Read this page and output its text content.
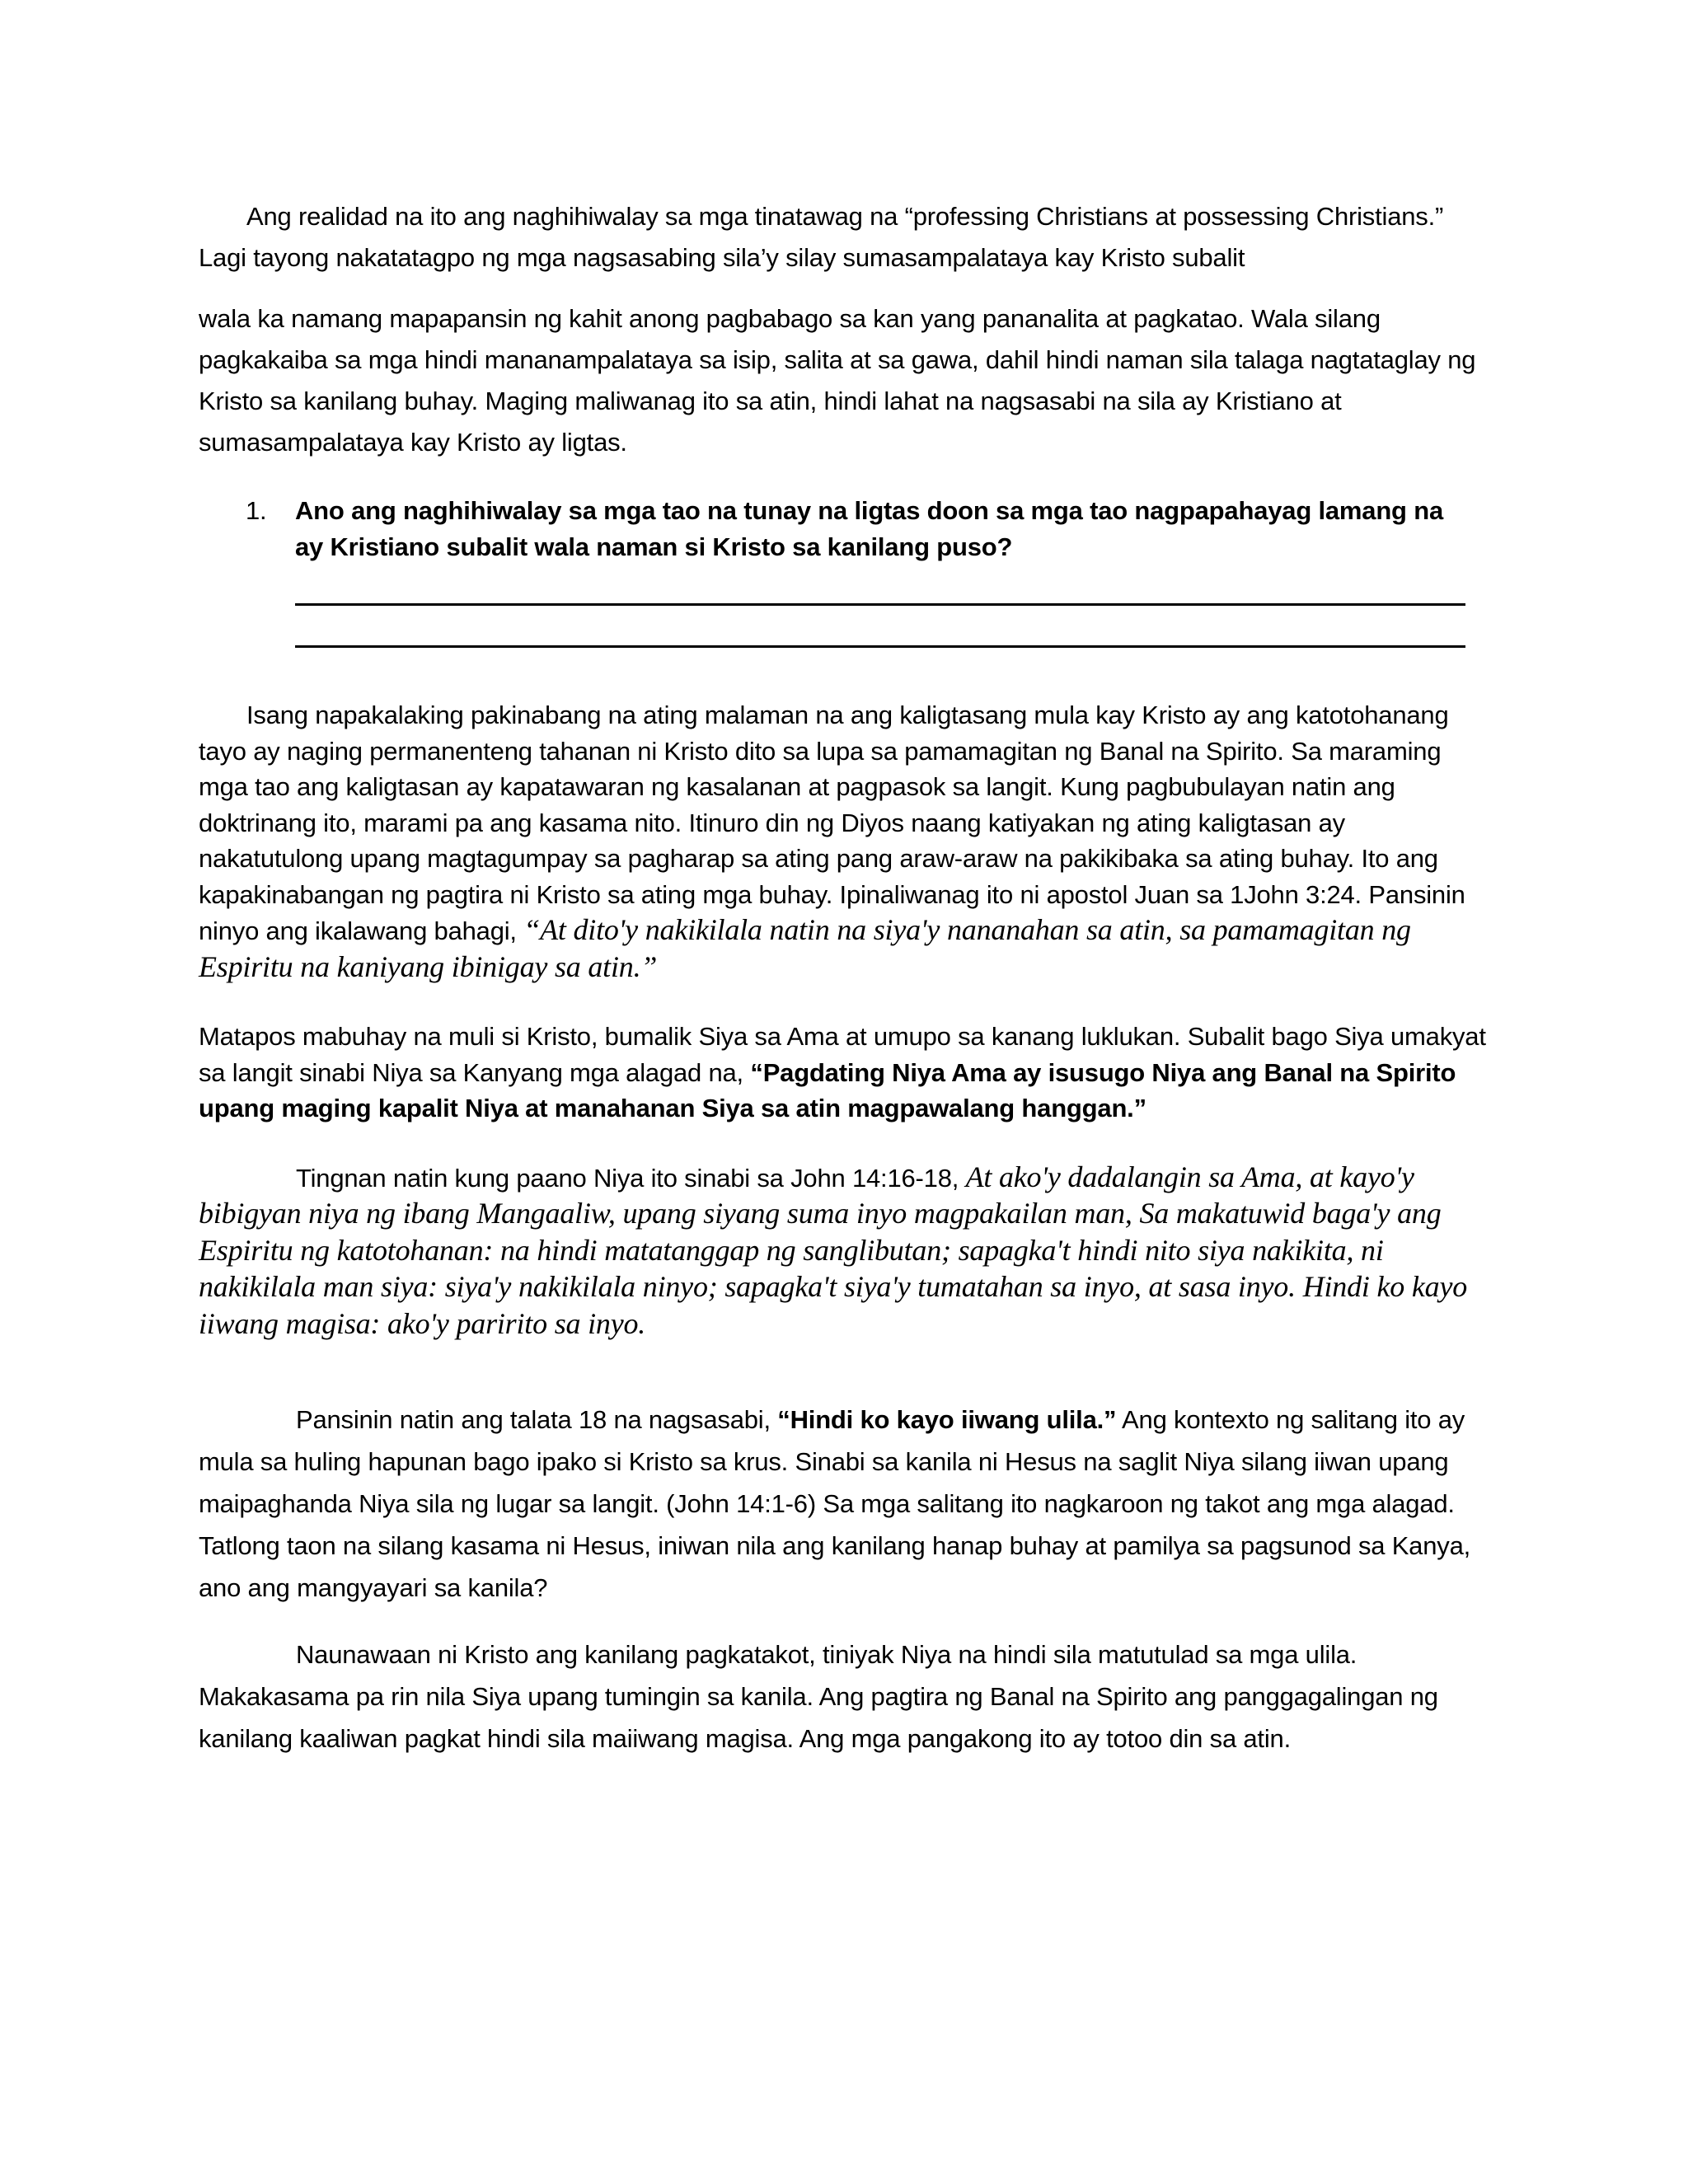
Ang realidad na ito ang naghihiwalay sa mga tinatawag na “professing Christians at possessing Christians.” Lagi tayong nakatatagpo ng mga nagsasabing sila’y silay sumasampalataya kay Kristo subalit

wala ka namang mapapansin ng kahit anong pagbabago sa kan yang pananalita at pagkatao. Wala silang pagkakaiba sa mga hindi mananampalataya sa isip, salita at sa gawa, dahil hindi naman sila talaga nagtataglay ng Kristo sa kanilang buhay. Maging maliwanag ito sa atin, hindi lahat na nagsasabi na sila ay Kristiano at sumasampalataya kay Kristo ay ligtas.

1. Ano ang naghihiwalay sa mga tao na tunay na ligtas doon sa mga tao nagpapahayag lamang na ay Kristiano subalit wala naman si Kristo sa kanilang puso?

Isang napakalaking pakinabang na ating malaman na ang kaligtasang mula kay Kristo ay ang katotohanang tayo ay naging permanenteng tahanan ni Kristo dito sa lupa sa pamamagitan ng Banal na Spirito. Sa maraming mga tao ang kaligtasan ay kapatawaran ng kasalanan at pagpasok sa langit. Kung pagbubulayan natin ang doktrinang ito, marami pa ang kasama nito. Itinuro din ng Diyos naang katiyakan ng ating kaligtasan ay nakatutulong upang magtagumpay sa pagharap sa ating pang araw-araw na pakikibaka sa ating buhay. Ito ang kapakinabangan ng pagtira ni Kristo sa ating mga buhay. Ipinaliwanag ito ni apostol Juan sa 1John 3:24. Pansinin ninyo ang ikalawang bahagi, “At dito'y nakikilala natin na siya'y nananahan sa atin, sa pamamagitan ng Espiritu na kaniyang ibinigay sa atin.”

Matapos mabuhay na muli si Kristo, bumalik Siya sa Ama at umupo sa kanang luklukan. Subalit bago Siya umakyat sa langit sinabi Niya sa Kanyang mga alagad na, “Pagdating Niya Ama ay isusugo Niya ang Banal na Spirito upang maging kapalit Niya at manahanan Siya sa atin magpawalang hanggan.”

Tingnan natin kung paano Niya ito sinabi sa John 14:16-18, At ako'y dadalangin sa Ama, at kayo'y bibigyan niya ng ibang Mangaaliw, upang siyang suma inyo magpakailan man, Sa makatuwid baga'y ang Espiritu ng katotohanan: na hindi matatanggap ng sanglibutan; sapagka't hindi nito siya nakikita, ni nakikilala man siya: siya'y nakikilala ninyo; sapagka't siya'y tumatahan sa inyo, at sasa inyo. Hindi ko kayo iiwang magisa: ako'y paririto sa inyo.

Pansinin natin ang talata 18 na nagsasabi, “Hindi ko kayo iiwang ulila.” Ang kontexto ng salitang ito ay mula sa huling hapunan bago ipako si Kristo sa krus. Sinabi sa kanila ni Hesus na saglit Niya silang iiwan upang maipaghanda Niya sila ng lugar sa langit. (John 14:1-6) Sa mga salitang ito nagkaroon ng takot ang mga alagad. Tatlong taon na silang kasama ni Hesus, iniwan nila ang kanilang hanap buhay at pamilya sa pagsunod sa Kanya, ano ang mangyayari sa kanila?

Naunawaan ni Kristo ang kanilang pagkatakot, tiniyak Niya na hindi sila matutulad sa mga ulila. Makakasama pa rin nila Siya upang tumingin sa kanila. Ang pagtira ng Banal na Spirito ang panggagalingan ng kanilang kaaliwan pagkat hindi sila maiiwang magisa. Ang mga pangakong ito ay totoo din sa atin.
